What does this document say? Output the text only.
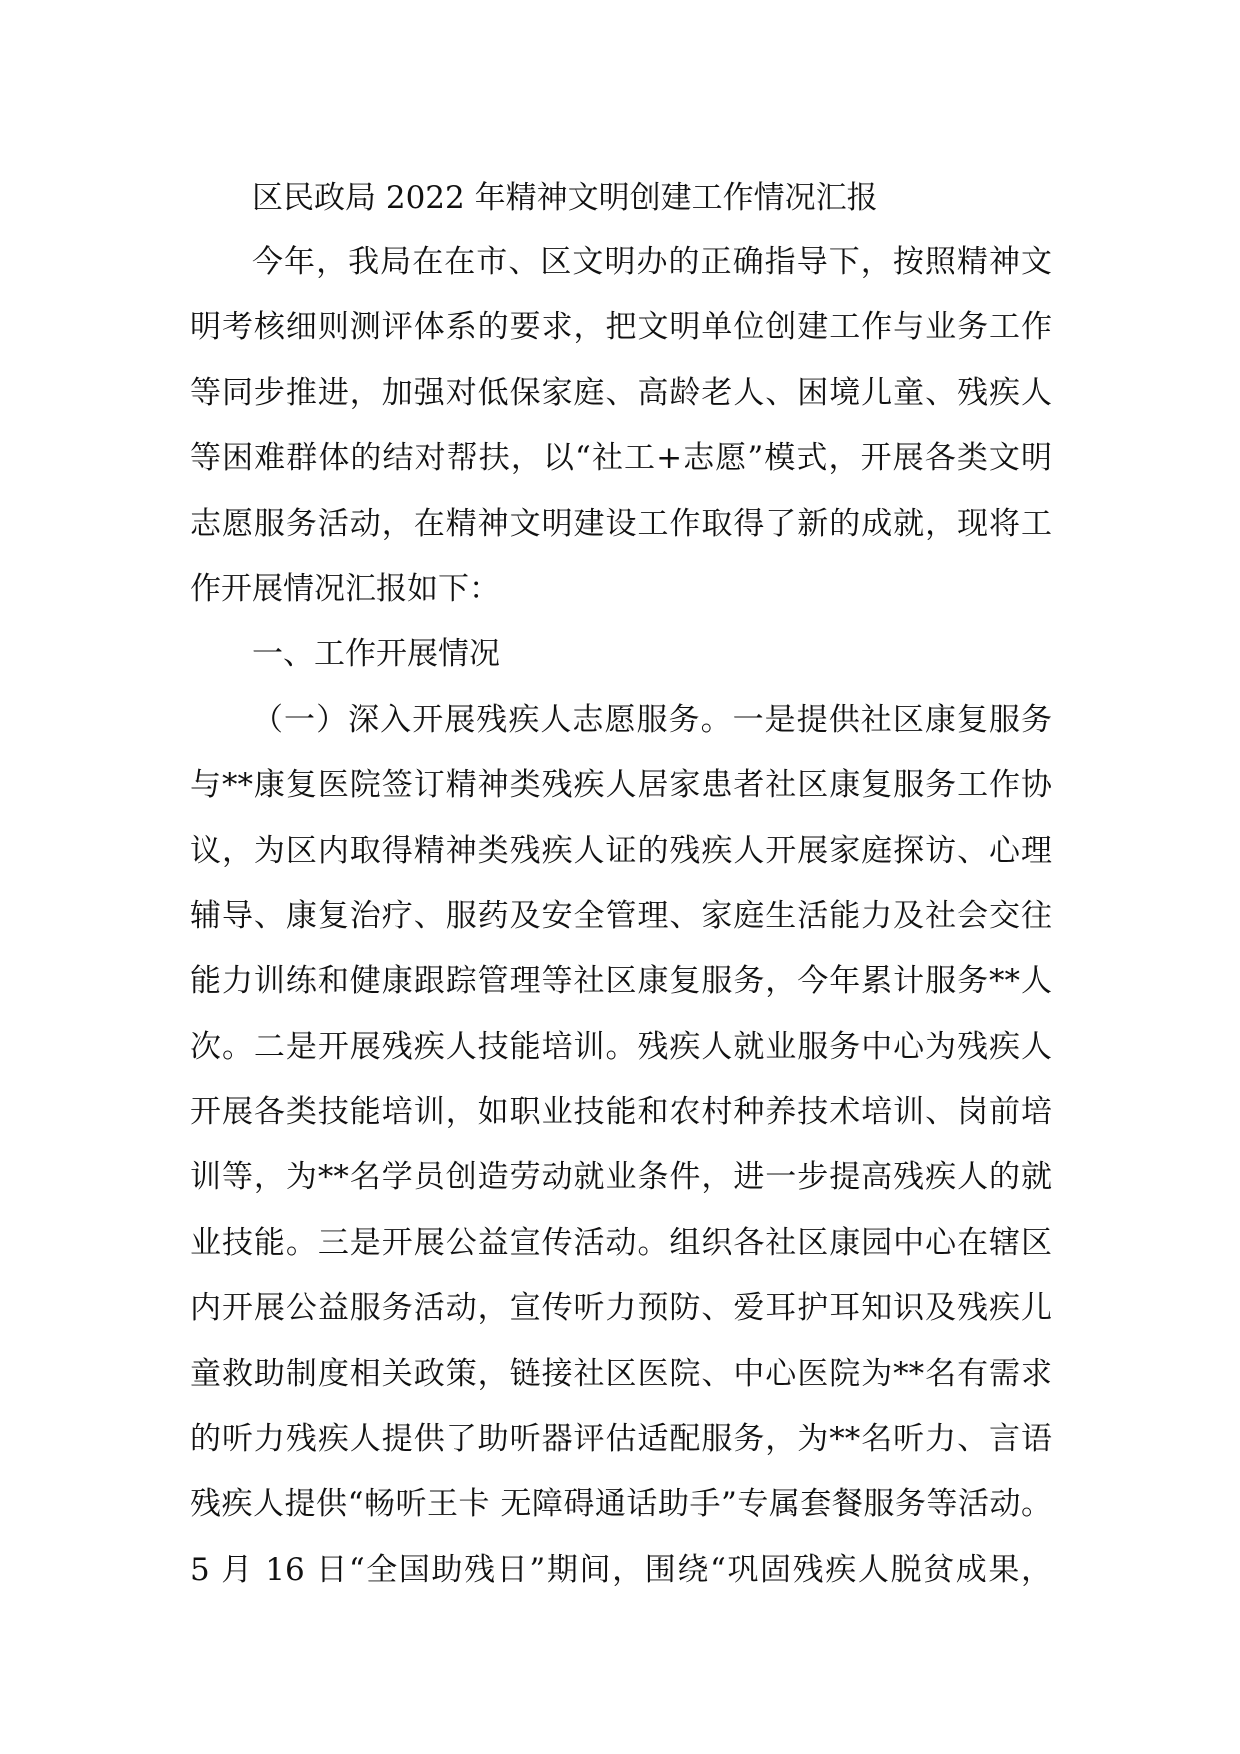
区民政局 2022 年精神文明创建工作情况汇报

今年，我局在在市、区文明办的正确指导下，按照精神文
明考核细则测评体系的要求，把文明单位创建工作与业务工作
等同步推进，加强对低保家庭、高龄老人、困境儿童、残疾人
等困难群体的结对帮扶，以“社工+志愿”模式，开展各类文明
志愿服务活动，在精神文明建设工作取得了新的成就，现将工
作开展情况汇报如下：

一、工作开展情况

（一）深入开展残疾人志愿服务。一是提供社区康复服务
与**康复医院签订精神类残疾人居家患者社区康复服务工作协
议，为区内取得精神类残疾人证的残疾人开展家庭探访、心理
辅导、康复治疗、服药及安全管理、家庭生活能力及社会交往
能力训练和健康跟踪管理等社区康复服务，今年累计服务**人
次。二是开展残疾人技能培训。残疾人就业服务中心为残疾人
开展各类技能培训，如职业技能和农村种养技术培训、岗前培
训等，为**名学员创造劳动就业条件，进一步提高残疾人的就
业技能。三是开展公益宣传活动。组织各社区康园中心在辖区
内开展公益服务活动，宣传听力预防、爱耳护耳知识及残疾儿
童救助制度相关政策，链接社区医院、中心医院为**名有需求
的听力残疾人提供了助听器评估适配服务，为**名听力、言语
残疾人提供“畅听王卡 无障碍通话助手”专属套餐服务等活动。
5 月 16 日“全国助残日”期间，围绕“巩固残疾人脱贫成果，
